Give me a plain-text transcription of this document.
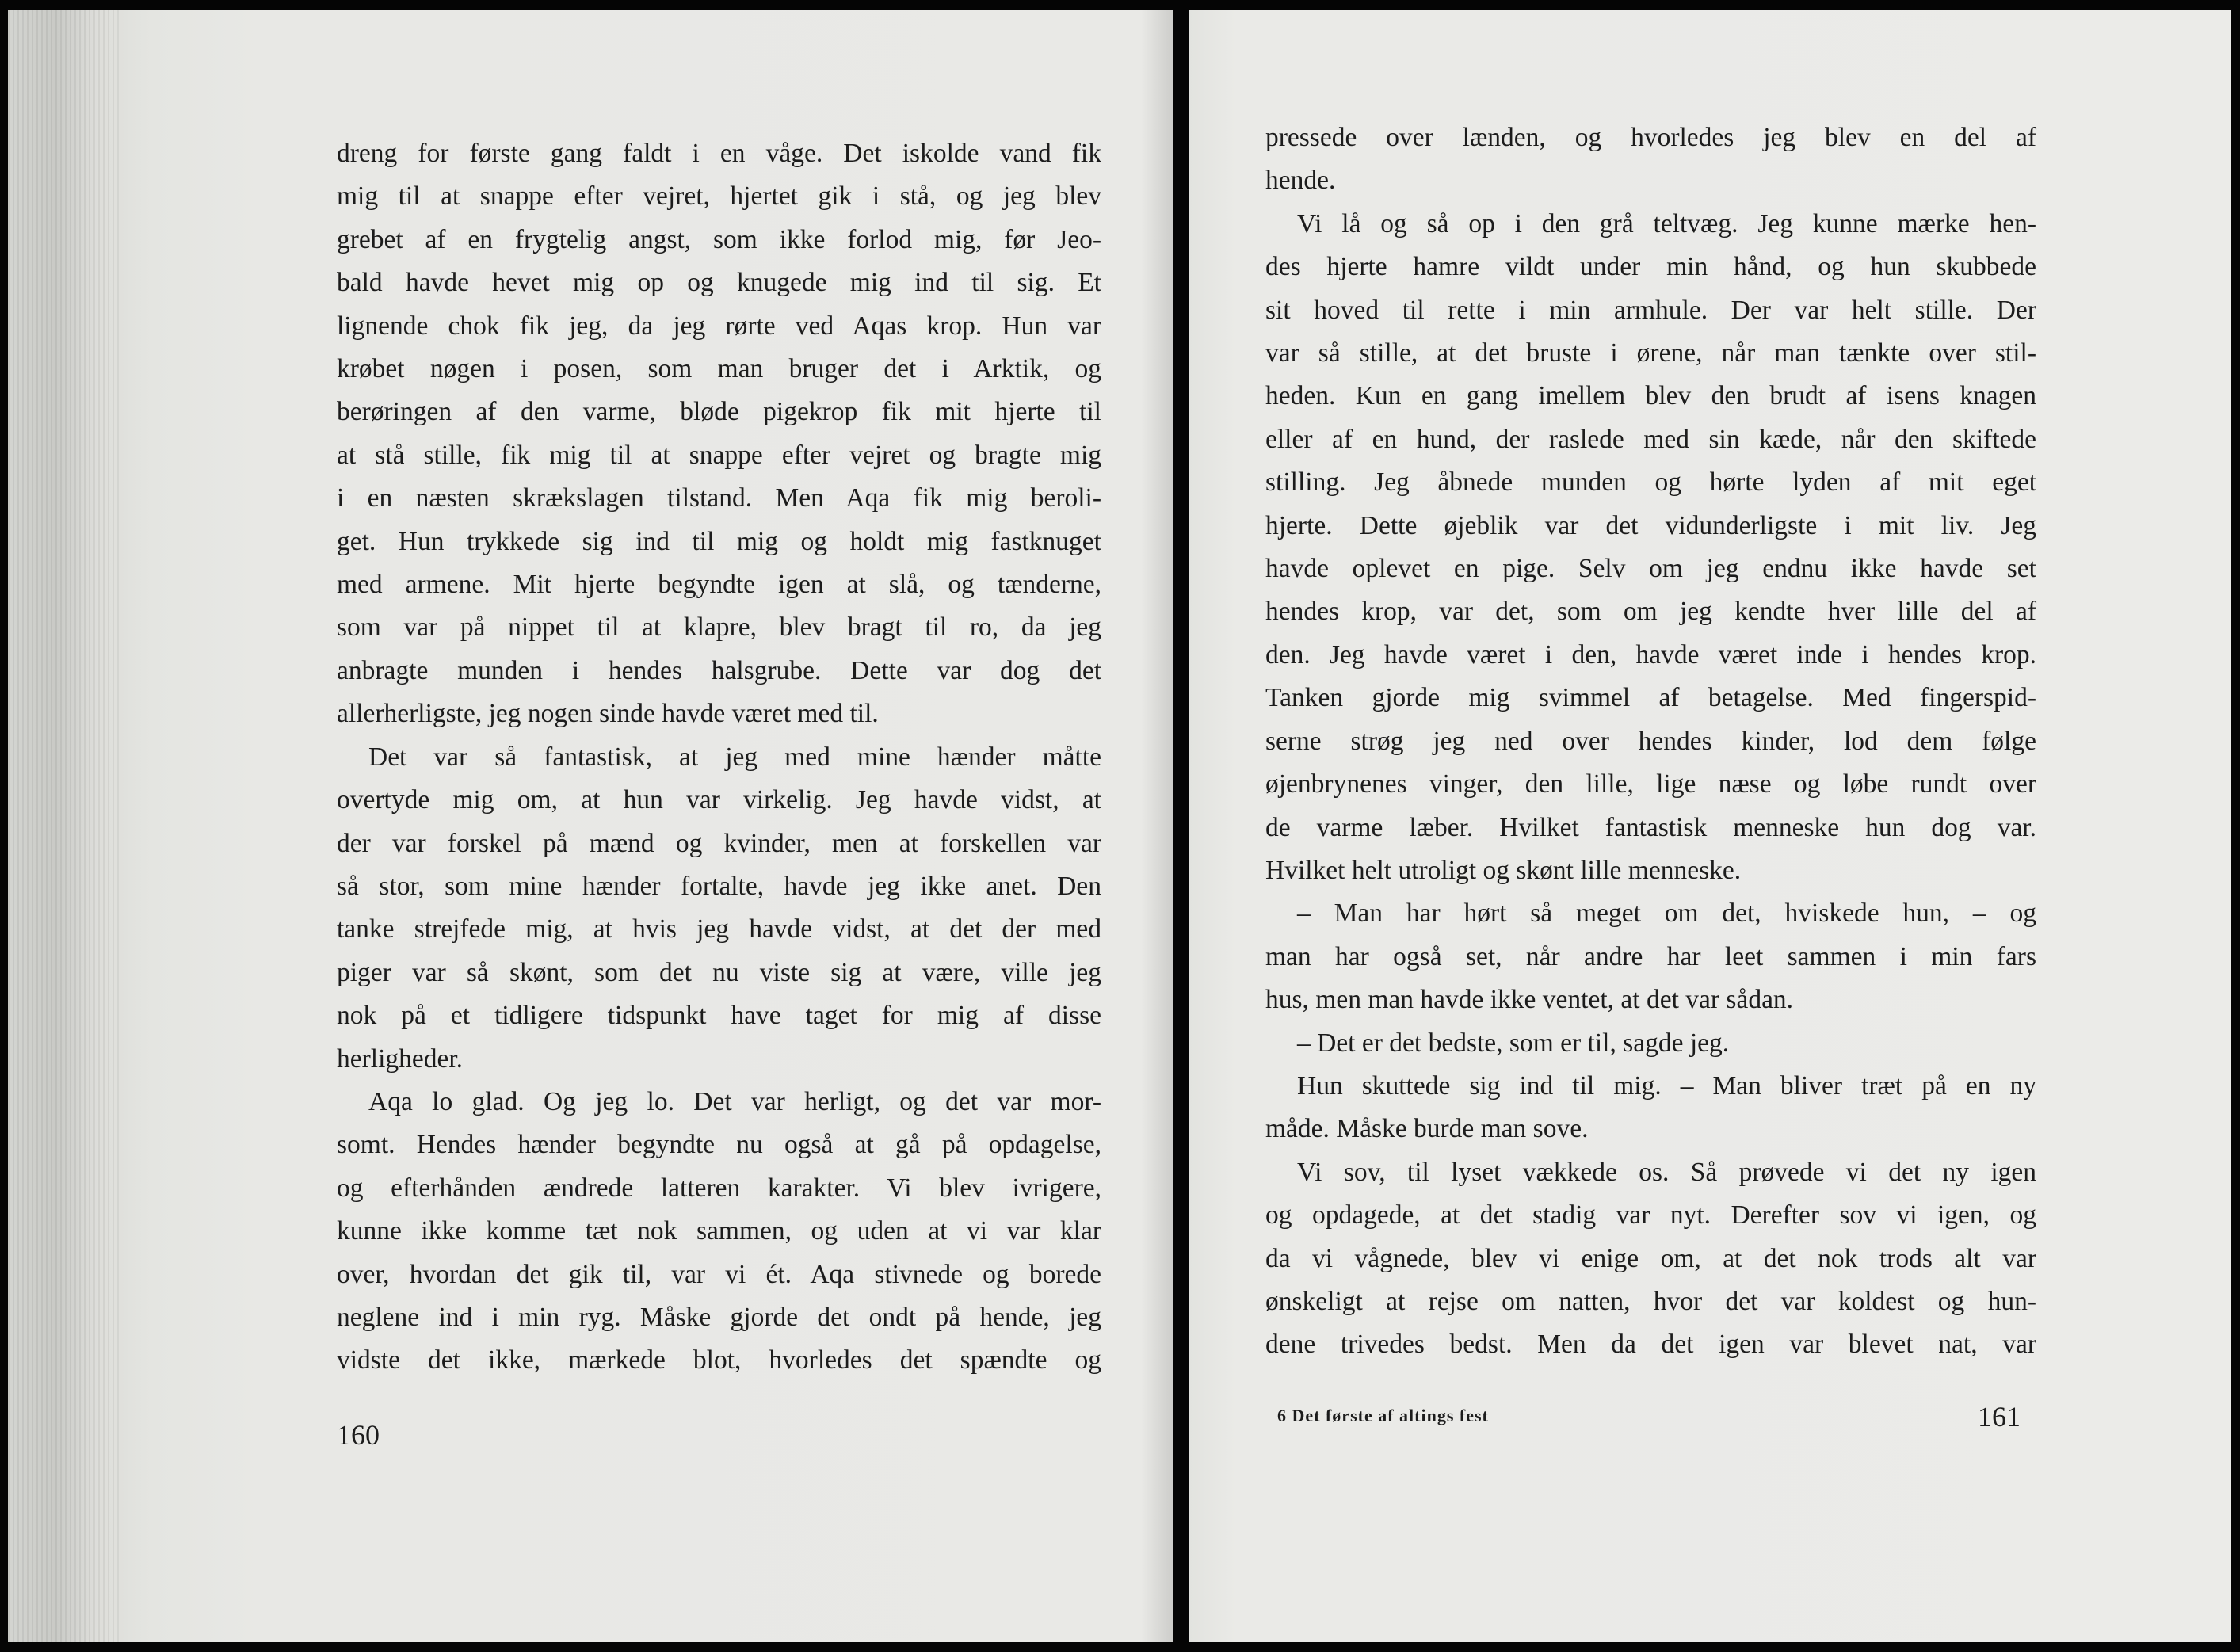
dreng for første gang faldt i en våge. Det iskolde vand fik
mig til at snappe efter vejret, hjertet gik i stå, og jeg blev
grebet af en frygtelig angst, som ikke forlod mig, før Jeo-
bald havde hevet mig op og knugede mig ind til sig. Et
lignende chok fik jeg, da jeg rørte ved Aqas krop. Hun var
krøbet nøgen i posen, som man bruger det i Arktik, og
berøringen af den varme, bløde pigekrop fik mit hjerte til
at stå stille, fik mig til at snappe efter vejret og bragte mig
i en næsten skrækslagen tilstand. Men Aqa fik mig beroli-
get. Hun trykkede sig ind til mig og holdt mig fastknuget
med armene. Mit hjerte begyndte igen at slå, og tænderne,
som var på nippet til at klapre, blev bragt til ro, da jeg
anbragte munden i hendes halsgrube. Dette var dog det
allerherligste, jeg nogen sinde havde været med til.

Det var så fantastisk, at jeg med mine hænder måtte
overtyde mig om, at hun var virkelig. Jeg havde vidst, at
der var forskel på mænd og kvinder, men at forskellen var
så stor, som mine hænder fortalte, havde jeg ikke anet. Den
tanke strejfede mig, at hvis jeg havde vidst, at det der med
piger var så skønt, som det nu viste sig at være, ville jeg
nok på et tidligere tidspunkt have taget for mig af disse
herligheder.

Aqa lo glad. Og jeg lo. Det var herligt, og det var mor-
somt. Hendes hænder begyndte nu også at gå på opdagelse,
og efterhånden ændrede latteren karakter. Vi blev ivrigere,
kunne ikke komme tæt nok sammen, og uden at vi var klar
over, hvordan det gik til, var vi ét. Aqa stivnede og borede
neglene ind i min ryg. Måske gjorde det ondt på hende, jeg
vidste det ikke, mærkede blot, hvorledes det spændte og

160

pressede over lænden, og hvorledes jeg blev en del af
hende.

Vi lå og så op i den grå teltvæg. Jeg kunne mærke hen-
des hjerte hamre vildt under min hånd, og hun skubbede
sit hoved til rette i min armhule. Der var helt stille. Der
var så stille, at det bruste i ørene, når man tænkte over stil-
heden. Kun en gang imellem blev den brudt af isens knagen
eller af en hund, der raslede med sin kæde, når den skiftede
stilling. Jeg åbnede munden og hørte lyden af mit eget
hjerte. Dette øjeblik var det vidunderligste i mit liv. Jeg
havde oplevet en pige. Selv om jeg endnu ikke havde set
hendes krop, var det, som om jeg kendte hver lille del af
den. Jeg havde været i den, havde været inde i hendes krop.
Tanken gjorde mig svimmel af betagelse. Med fingerspid-
serne strøg jeg ned over hendes kinder, lod dem følge
øjenbrynenes vinger, den lille, lige næse og løbe rundt over
de varme læber. Hvilket fantastisk menneske hun dog var.
Hvilket helt utroligt og skønt lille menneske.

– Man har hørt så meget om det, hviskede hun, – og
man har også set, når andre har leet sammen i min fars
hus, men man havde ikke ventet, at det var sådan.

– Det er det bedste, som er til, sagde jeg.

Hun skuttede sig ind til mig. – Man bliver træt på en ny
måde. Måske burde man sove.

Vi sov, til lyset vækkede os. Så prøvede vi det ny igen
og opdagede, at det stadig var nyt. Derefter sov vi igen, og
da vi vågnede, blev vi enige om, at det nok trods alt var
ønskeligt at rejse om natten, hvor det var koldest og hun-
dene trivedes bedst. Men da det igen var blevet nat, var

6 Det første af altings fest	161
